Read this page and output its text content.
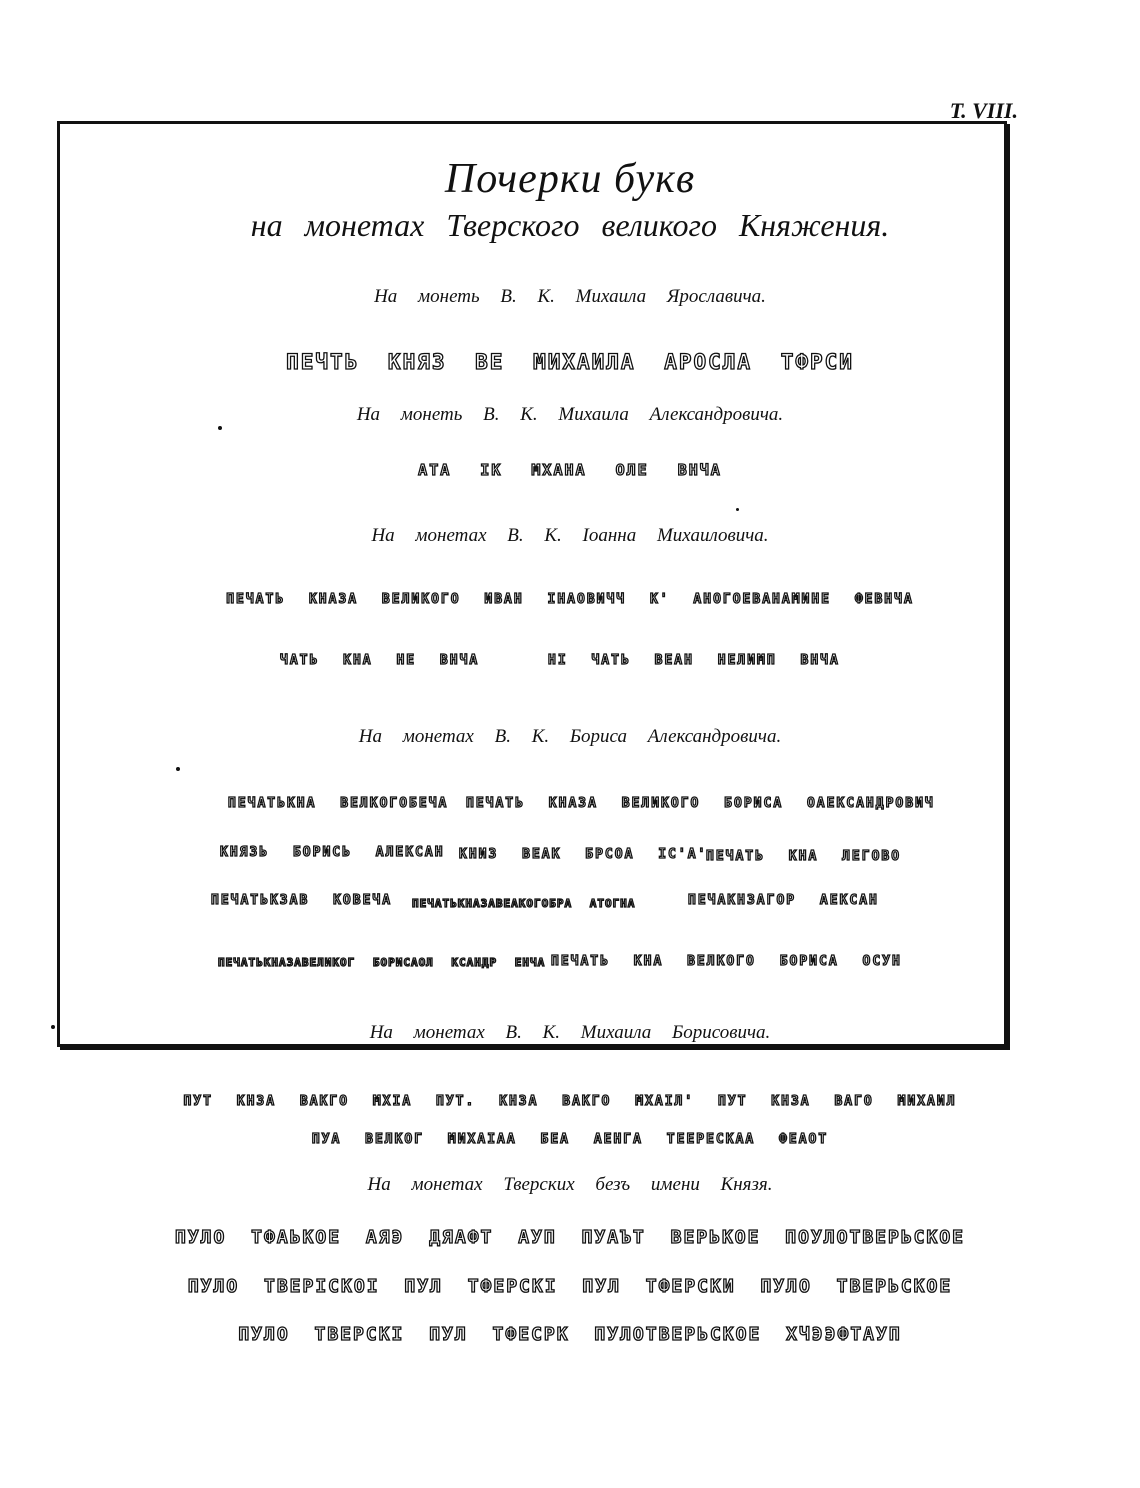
T. VIII.
Почерки букв
на монетах Тверского великого Княжения.
На монеть В. К. Михаила Ярославича.
ПЕЧТЬ КНЯЗ ВЕ МИХАИЛА АРОСЛА ТФРСИ
На монеть В. К. Михаила Александровича.
АТА IК МХАНА ОЛЕ ВНЧА
На монетах В. К. Іоанна Михаиловича.
ПЕЧАТЬ КНАЗА ВЕЛИКОГО ИВАН ІНАОВИЧЧ К' АНОГОЕВАНАМИНЕ ФЕВНЧА
ЧАТЬ КНА НЕ ВНЧА	НІ ЧАТЬ ВЕАН НЕЛИМП ВНЧА
На монетах В. К. Бориса Александровича.
ПЕЧАТЬКНА ВЕЛКОГОБЕЧА ПЕЧАТЬ КНАЗА ВЕЛИКОГО БОРИСА ОАЕКСАНДРОВИЧ
КНЯЗЬ БОРИСЬ АЛЕКСАН КНИЗ ВЕАК БРСОА ІС'А'
ПЕЧАТЬ КНА ЛЕГОВО
ПЕЧАТЬКЗАВ КОВЕЧА ПЕЧАТЬКНАЗАВЕАКОГОБРА АТОГНА	ПЕЧАКНЗАГОР АЕКСАН
ПЕЧАТЬКНАЗАВЕЛИКОГ БОРИСАОЛ КСАНДР ЕНЧА ПЕЧАТЬ КНА ВЕЛКОГО БОРИСА ОСУН
На монетах В. К. Михаила Борисовича.
ПУТ КНЗА ВАКГО МХІА ПУТ. КНЗА ВАКГО МХАІЛ' ПУТ КНЗА ВАГО МИХАИЛ
ПУА ВЕЛКОГ МИХАІАА БЕА АЕНГА ТЕЕРЕСКАА ФЕАОТ
На монетах Тверских безъ имени Князя.
ПУЛО ТФАЬКОЕ АЯЭ ДЯАФТ АУП ПУАЪТ ВЕРЬКОЕ ПОУЛОТВЕРЬСКОЕ
ПУЛО ТВЕРІСКОІ ПУЛ ТФЕРСКІ ПУЛ ТФЕРСКИ ПУЛО ТВЕРЬСКОЕ
ПУЛО ТВЕРСКІ ПУЛ ТФЕСРК ПУЛОТВЕРЬСКОЕ ХЧЭЭФТАУП
